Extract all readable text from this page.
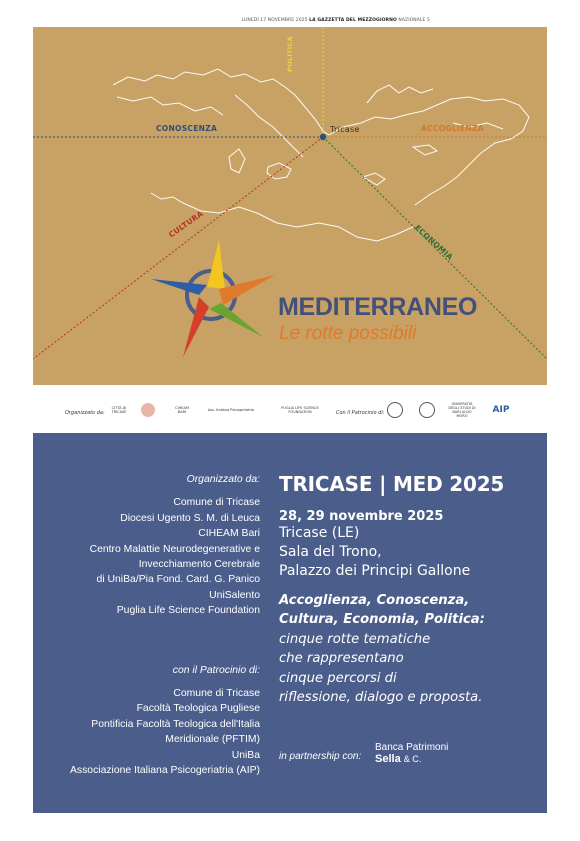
LUNEDÌ 17 NOVEMBRE 2025 LA GAZZETTA DEL MEZZOGIORNO NAZIONALE 5
CONOSCENZA	ACCOGLIENZA
Tricase
POLITICA
CULTURA	ECONOMIA
MEDITERRANEO
Le rotte possibili
Organizzato da:
CITTÀ DI TRICASE
CIHEAM BARI	Ass. Italiana Psicogeriatria	PUGLIA LIFE SCIENCE FOUNDATION	Con il Patrocinio di:
UNIVERSITÀ DEGLI STUDI DI BARI ALDO MORO
AIP
Organizzato da:
Comune di Tricase
Diocesi Ugento S. M. di Leuca
CIHEAM Bari
Centro Malattie Neurodegenerative e
Invecchiamento Cerebrale
di UniBa/Pia Fond. Card. G. Panico
UniSalento
Puglia Life Science Foundation
con il Patrocinio di:
Comune di Tricase
Facoltà Teologica Pugliese
Pontificia Facoltà Teologica dell'Italia
Meridionale (PFTIM)
UniBa
Associazione Italiana Psicogeriatria (AIP)
TRICASE | MED 2025
28, 29 novembre 2025
Tricase (LE)
Sala del Trono,
Palazzo dei Principi Gallone
Accoglienza, Conoscenza,
Cultura, Economia, Politica:
cinque rotte tematiche
che rappresentano
cinque percorsi di
riflessione, dialogo e proposta.
in partnership con:
Banca Patrimoni
Sella & C.
